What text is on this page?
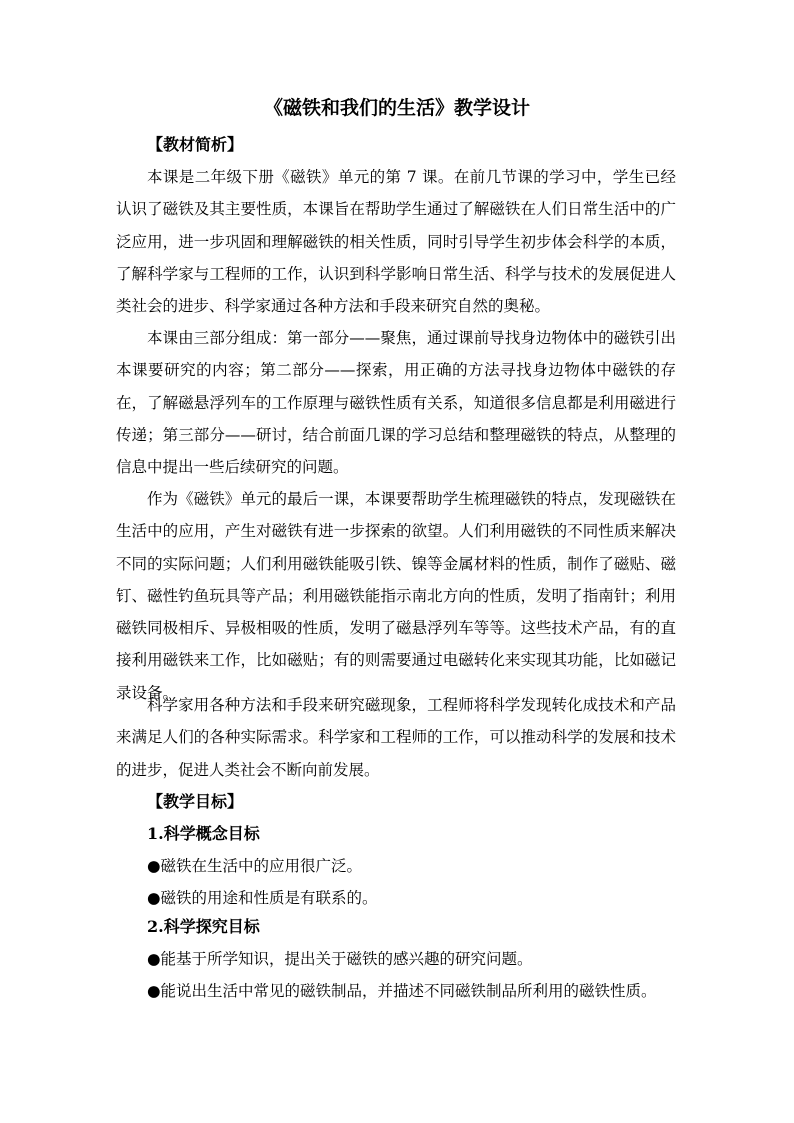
《磁铁和我们的生活》教学设计
【教材简析】

本课是二年级下册《磁铁》单元的第 7 课。在前几节课的学习中，学生已经认识了磁铁及其主要性质，本课旨在帮助学生通过了解磁铁在人们日常生活中的广泛应用，进一步巩固和理解磁铁的相关性质，同时引导学生初步体会科学的本质，了解科学家与工程师的工作，认识到科学影响日常生活、科学与技术的发展促进人类社会的进步、科学家通过各种方法和手段来研究自然的奥秘。

本课由三部分组成：第一部分——聚焦，通过课前导找身边物体中的磁铁引出本课要研究的内容；第二部分——探索，用正确的方法寻找身边物体中磁铁的存在，了解磁悬浮列车的工作原理与磁铁性质有关系，知道很多信息都是利用磁进行传递；第三部分——研讨，结合前面几课的学习总结和整理磁铁的特点，从整理的信息中提出一些后续研究的问题。

作为《磁铁》单元的最后一课，本课要帮助学生梳理磁铁的特点，发现磁铁在生活中的应用，产生对磁铁有进一步探索的欲望。人们利用磁铁的不同性质来解决不同的实际问题；人们利用磁铁能吸引铁、镍等金属材料的性质，制作了磁贴、磁钉、磁性钓鱼玩具等产品；利用磁铁能指示南北方向的性质，发明了指南针；利用磁铁同极相斥、异极相吸的性质，发明了磁悬浮列车等等。这些技术产品，有的直接利用磁铁来工作，比如磁贴；有的则需要通过电磁转化来实现其功能，比如磁记录设备。

科学家用各种方法和手段来研究磁现象，工程师将科学发现转化成技术和产品来满足人们的各种实际需求。科学家和工程师的工作，可以推动科学的发展和技术的进步，促进人类社会不断向前发展。

【教学目标】
1.科学概念目标
●磁铁在生活中的应用很广泛。
●磁铁的用途和性质是有联系的。
2.科学探究目标
●能基于所学知识，提出关于磁铁的感兴趣的研究问题。
●能说出生活中常见的磁铁制品，并描述不同磁铁制品所利用的磁铁性质。
